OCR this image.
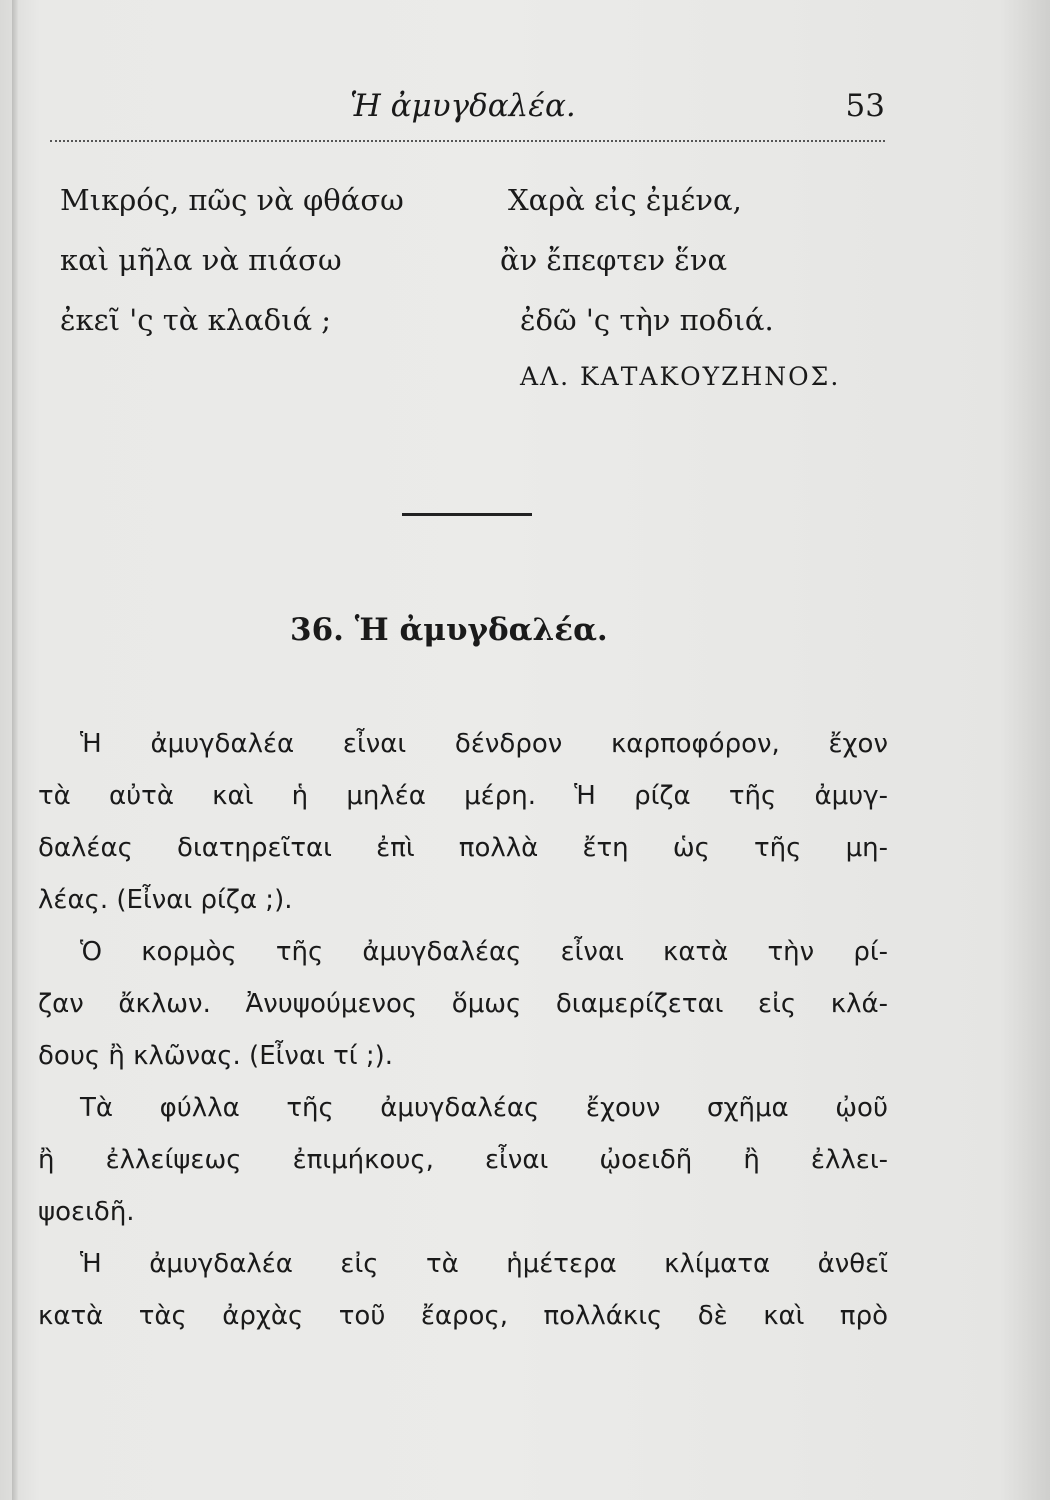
Ἡ ἀμυγδαλέα.	53
Μικρός, πῶς νὰ φθάσω
καὶ μῆλα νὰ πιάσω
ἐκεῖ 'ς τὰ κλαδιά ;
Χαρὰ εἰς ἐμένα,
ἂν ἔπεφτεν ἕνα
ἐδῶ 'ς τὴν ποδιά.
ΑΛ. ΚΑΤΑΚΟΥΖΗΝΟΣ.
36. Ἡ ἀμυγδαλέα.

Ἡ ἀμυγδαλέα εἶναι δένδρον καρποφόρον, ἔχον

τὰ αὐτὰ καὶ ἡ μηλέα μέρη. Ἡ ρίζα τῆς ἀμυγ-

δαλέας διατηρεῖται ἐπὶ πολλὰ ἔτη ὡς τῆς μη-

λέας. (Εἶναι ρίζα ;).

Ὁ κορμὸς τῆς ἀμυγδαλέας εἶναι κατὰ τὴν ρί-

ζαν ἄκλων. Ἀνυψούμενος ὅμως διαμερίζεται εἰς κλά-

δους ἢ κλῶνας. (Εἶναι τί ;).

Τὰ φύλλα τῆς ἀμυγδαλέας ἔχουν σχῆμα ᾠοῦ

ἢ ἐλλείψεως ἐπιμήκους, εἶναι ᾠοειδῆ ἢ ἐλλει-

ψοειδῆ.

Ἡ ἀμυγδαλέα εἰς τὰ ἡμέτερα κλίματα ἀνθεῖ

κατὰ τὰς ἀρχὰς τοῦ ἔαρος, πολλάκις δὲ καὶ πρὸ
